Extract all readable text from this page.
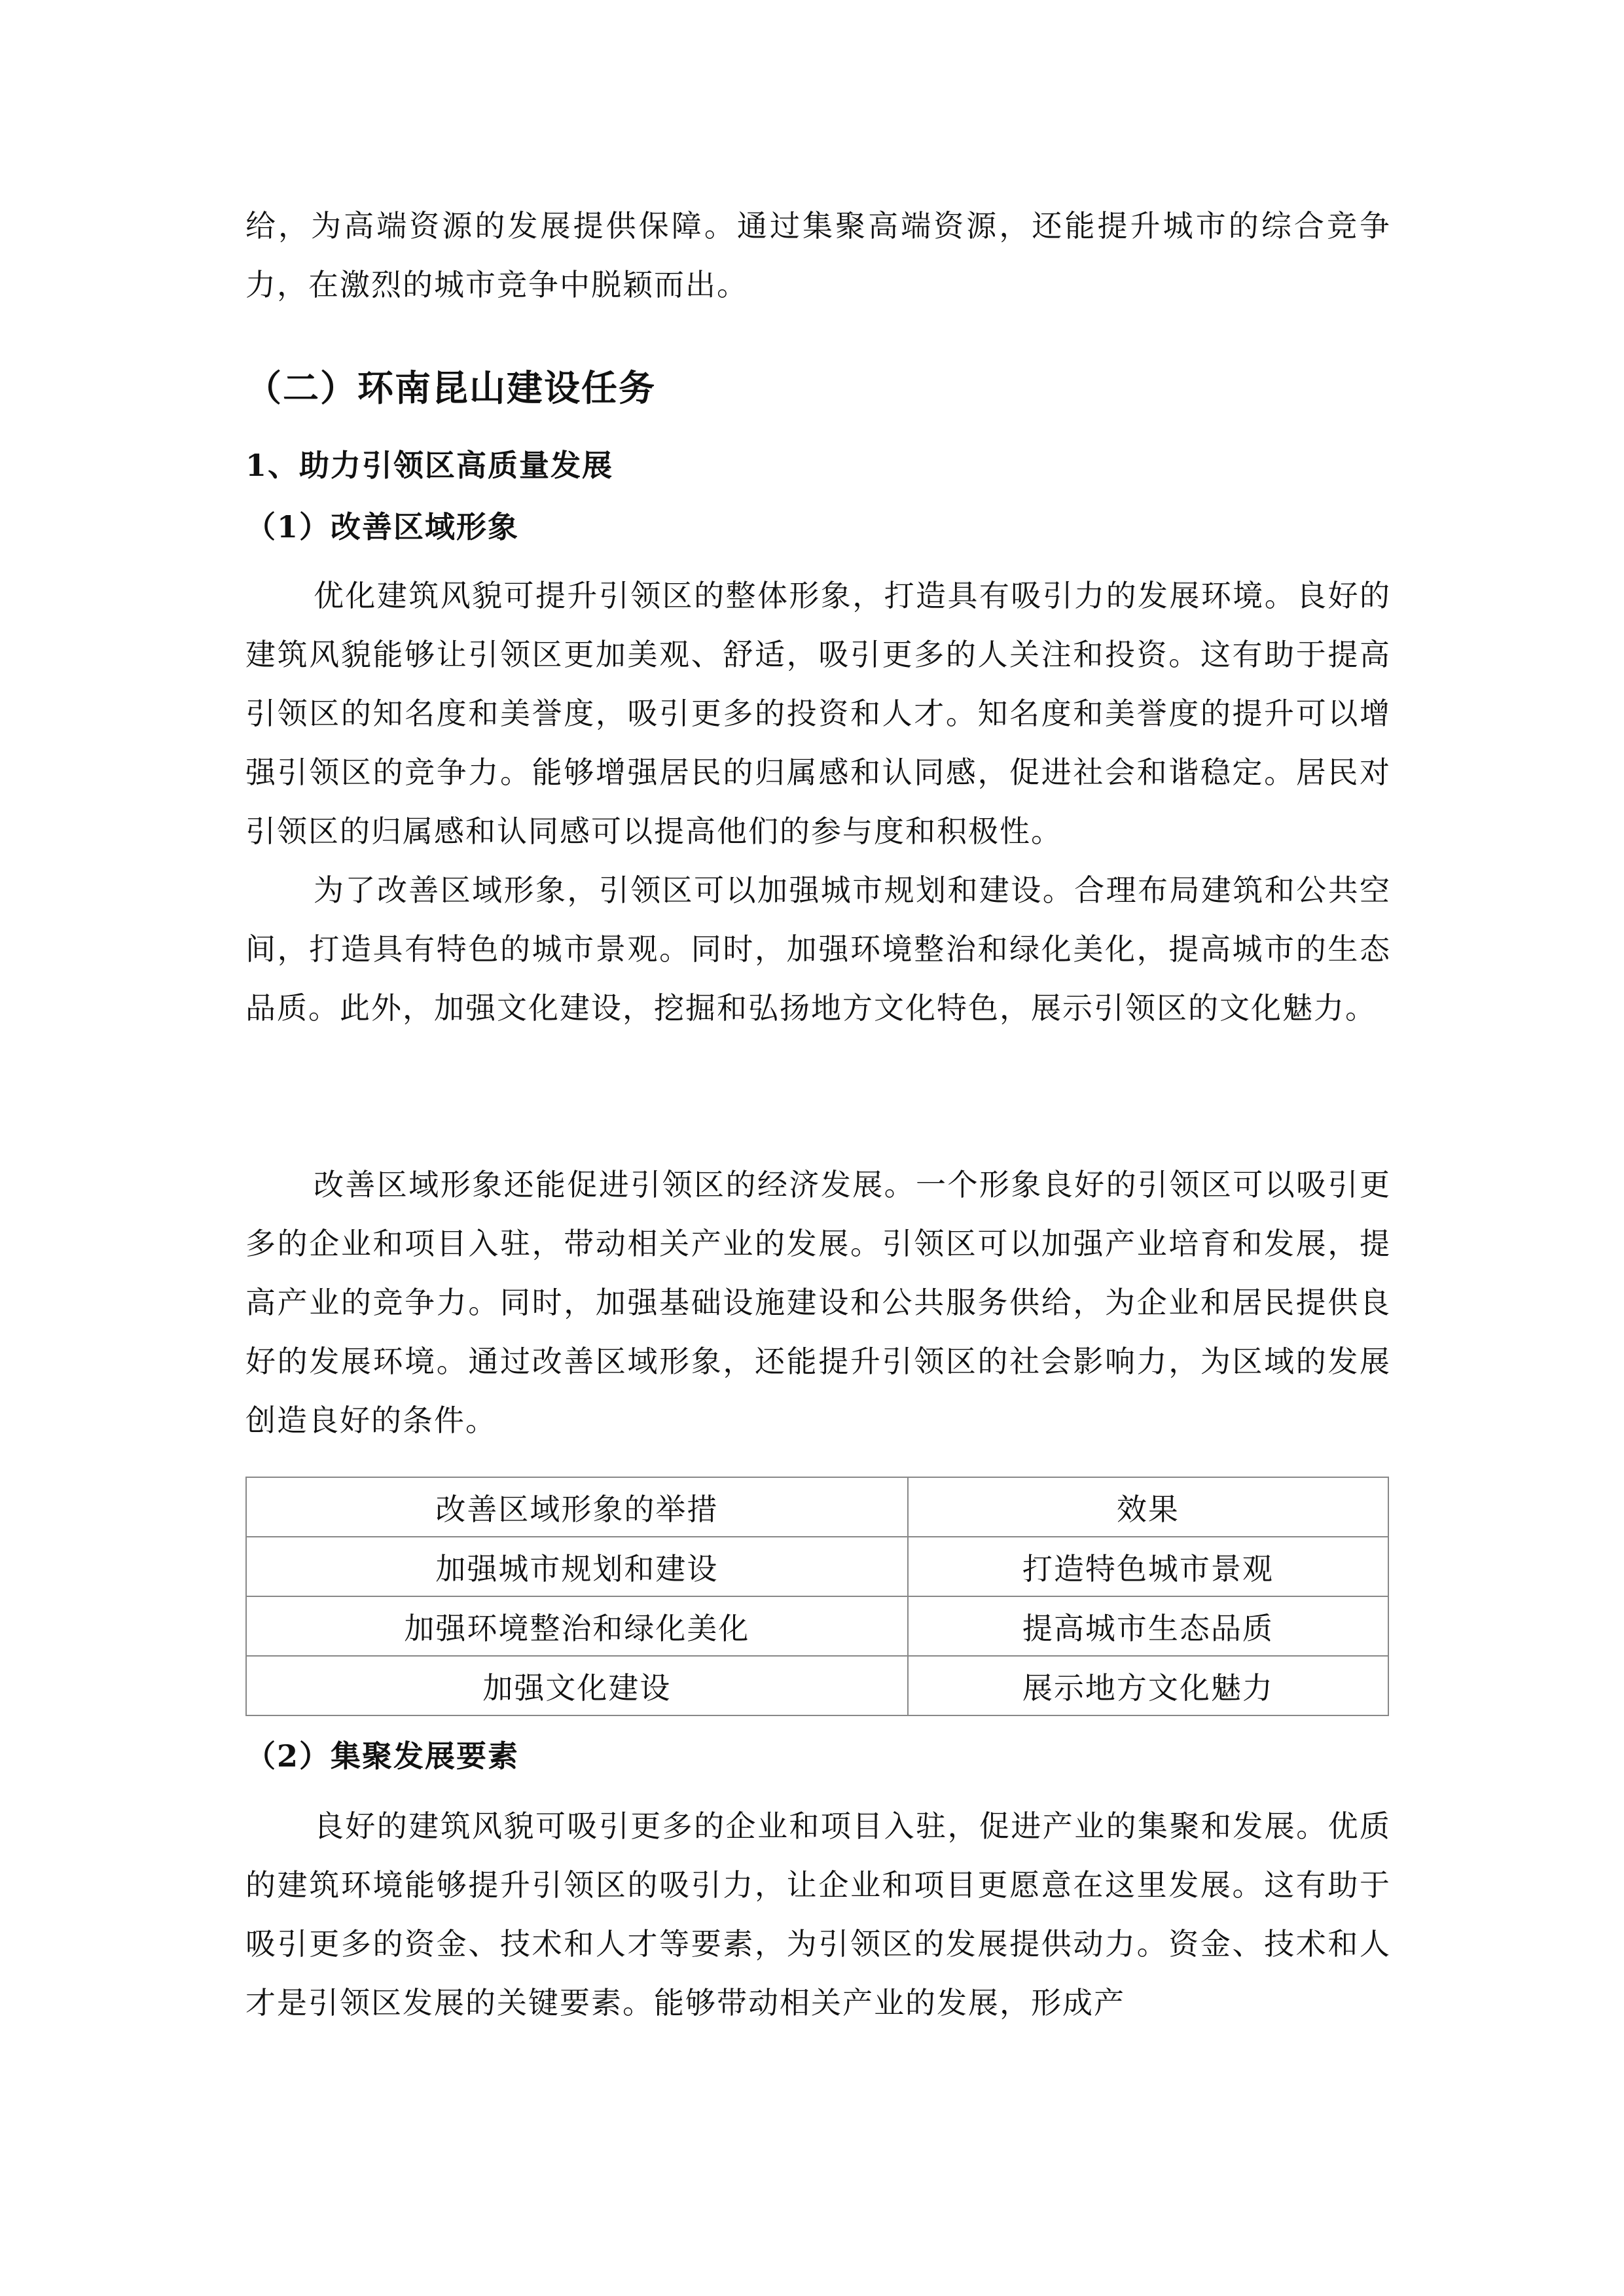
给，为高端资源的发展提供保障。通过集聚高端资源，还能提升城市的综合竞争力，在激烈的城市竞争中脱颖而出。

（二）环南昆山建设任务
1、助力引领区高质量发展
（1）改善区域形象

优化建筑风貌可提升引领区的整体形象，打造具有吸引力的发展环境。良好的建筑风貌能够让引领区更加美观、舒适，吸引更多的人关注和投资。这有助于提高引领区的知名度和美誉度，吸引更多的投资和人才。知名度和美誉度的提升可以增强引领区的竞争力。能够增强居民的归属感和认同感，促进社会和谐稳定。居民对引领区的归属感和认同感可以提高他们的参与度和积极性。

为了改善区域形象，引领区可以加强城市规划和建设。合理布局建筑和公共空间，打造具有特色的城市景观。同时，加强环境整治和绿化美化，提高城市的生态品质。此外，加强文化建设，挖掘和弘扬地方文化特色，展示引领区的文化魅力。

改善区域形象还能促进引领区的经济发展。一个形象良好的引领区可以吸引更多的企业和项目入驻，带动相关产业的发展。引领区可以加强产业培育和发展，提高产业的竞争力。同时，加强基础设施建设和公共服务供给，为企业和居民提供良好的发展环境。通过改善区域形象，还能提升引领区的社会影响力，为区域的发展创造良好的条件。

改善区域形象的举措	效果
加强城市规划和建设	打造特色城市景观
加强环境整治和绿化美化	提高城市生态品质
加强文化建设	展示地方文化魅力
（2）集聚发展要素

良好的建筑风貌可吸引更多的企业和项目入驻，促进产业的集聚和发展。优质的建筑环境能够提升引领区的吸引力，让企业和项目更愿意在这里发展。这有助于吸引更多的资金、技术和人才等要素，为引领区的发展提供动力。资金、技术和人才是引领区发展的关键要素。能够带动相关产业的发展，形成产
